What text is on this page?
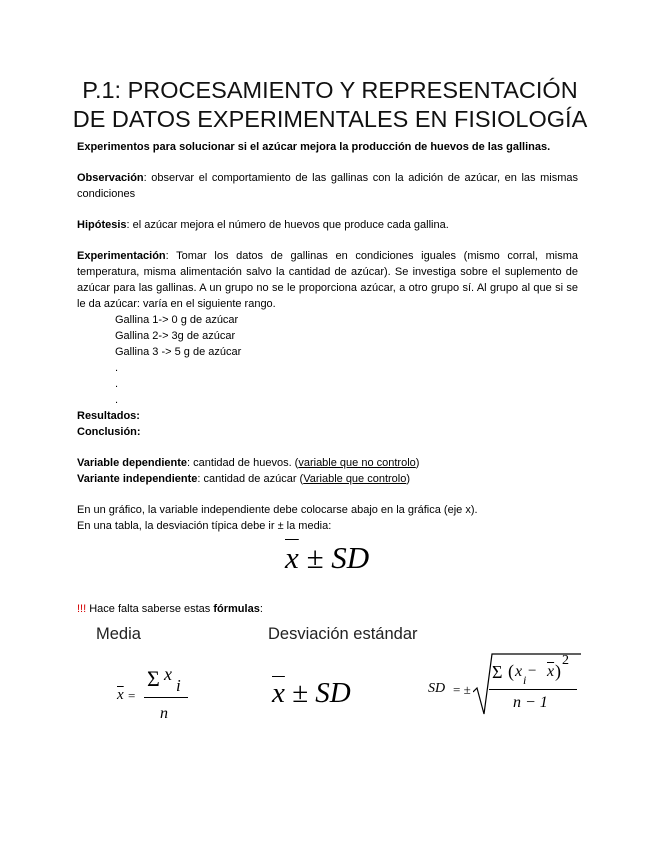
P.1: PROCESAMIENTO Y REPRESENTACIÓN
DE DATOS EXPERIMENTALES EN FISIOLOGÍA

Experimentos para solucionar si el azúcar mejora la producción de huevos de las gallinas.

Observación: observar el comportamiento de las gallinas con la adición de azúcar, en las mismas condiciones

Hipótesis: el azúcar mejora el número de huevos que produce cada gallina.

Experimentación: Tomar los datos de gallinas en condiciones iguales (mismo corral, misma temperatura, misma alimentación salvo la cantidad de azúcar). Se investiga sobre el suplemento de azúcar para las gallinas. A un grupo no se le proporciona azúcar, a otro grupo sí. Al grupo al que si se le da azúcar: varía en el siguiente rango.

Gallina 1-> 0 g de azúcar

Gallina 2-> 3g de azúcar

Gallina 3 -> 5 g de azúcar

.

.

.

Resultados:

Conclusión:

Variable dependiente: cantidad de huevos. (variable que no controlo)

Variante independiente: cantidad de azúcar (Variable que controlo)

En un gráfico, la variable independiente debe colocarse abajo en la gráfica (eje x).

En una tabla, la desviación típica debe ir ± la media:

$\overline{x}$ ± SD
!!! Hace falta saberse estas fórmulas:
Media	Desviación estándar
$\overline{x}$ =
Σ x
i
n
$\overline{x}$ ± SD	SD = ±
Σ ( x i
− $\overline{x}$ )
2
n − 1
